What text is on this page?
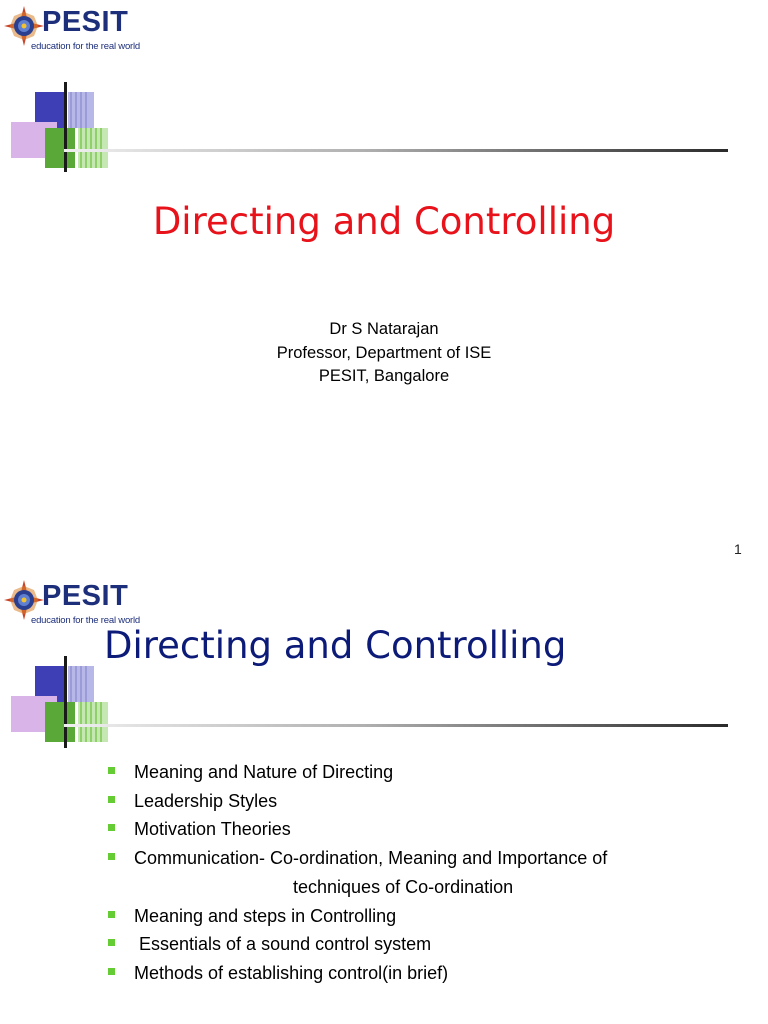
PESIT
education for the real world
Directing and Controlling
Dr S Natarajan
Professor, Department of ISE
PESIT, Bangalore
1
PESIT
education for the real world
Directing and Controlling
Meaning and Nature of Directing
Leadership Styles
Motivation Theories
Communication- Co-ordination, Meaning and Importance of
techniques of Co-ordination
Meaning and steps in Controlling
Essentials of a sound control system
Methods of establishing control(in brief)
